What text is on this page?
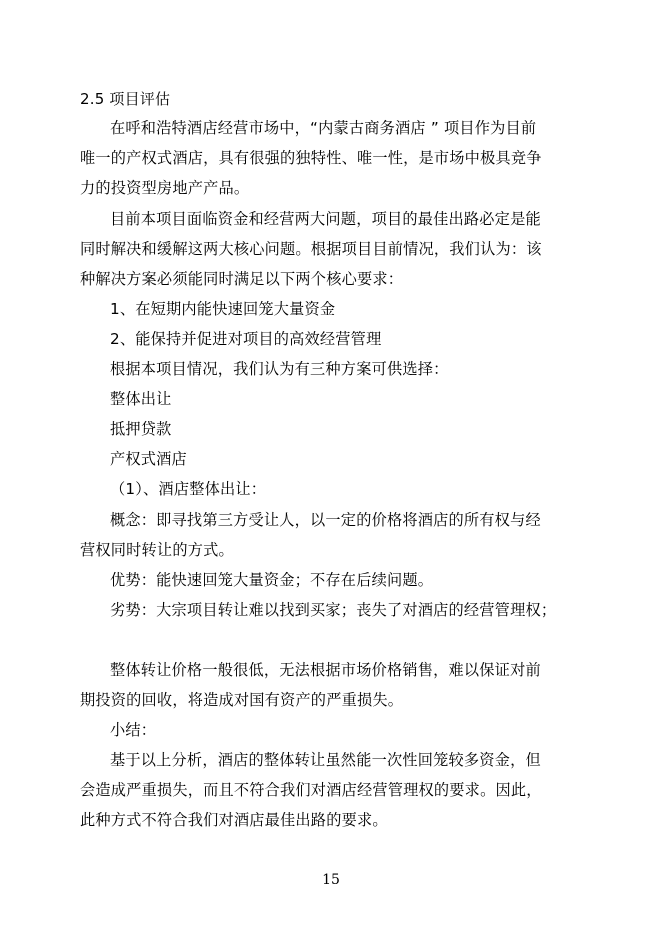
2.5 项目评估
在呼和浩特酒店经营市场中，“内蒙古商务酒店 ” 项目作为目前
唯一的产权式酒店，具有很强的独特性、唯一性，是市场中极具竞争
力的投资型房地产产品。
目前本项目面临资金和经营两大问题，项目的最佳出路必定是能
同时解决和缓解这两大核心问题。根据项目目前情况，我们认为：该
种解决方案必须能同时满足以下两个核心要求：
1、在短期内能快速回笼大量资金
2、能保持并促进对项目的高效经营管理
根据本项目情况，我们认为有三种方案可供选择：
整体出让
抵押贷款
产权式酒店
（1）、酒店整体出让：
概念：即寻找第三方受让人，以一定的价格将酒店的所有权与经
营权同时转让的方式。
优势：能快速回笼大量资金；不存在后续问题。
劣势：大宗项目转让难以找到买家；丧失了对酒店的经营管理权；
整体转让价格一般很低，无法根据市场价格销售，难以保证对前
期投资的回收，将造成对国有资产的严重损失。
小结：
基于以上分析，酒店的整体转让虽然能一次性回笼较多资金，但
会造成严重损失，而且不符合我们对酒店经营管理权的要求。因此，
此种方式不符合我们对酒店最佳出路的要求。
15
